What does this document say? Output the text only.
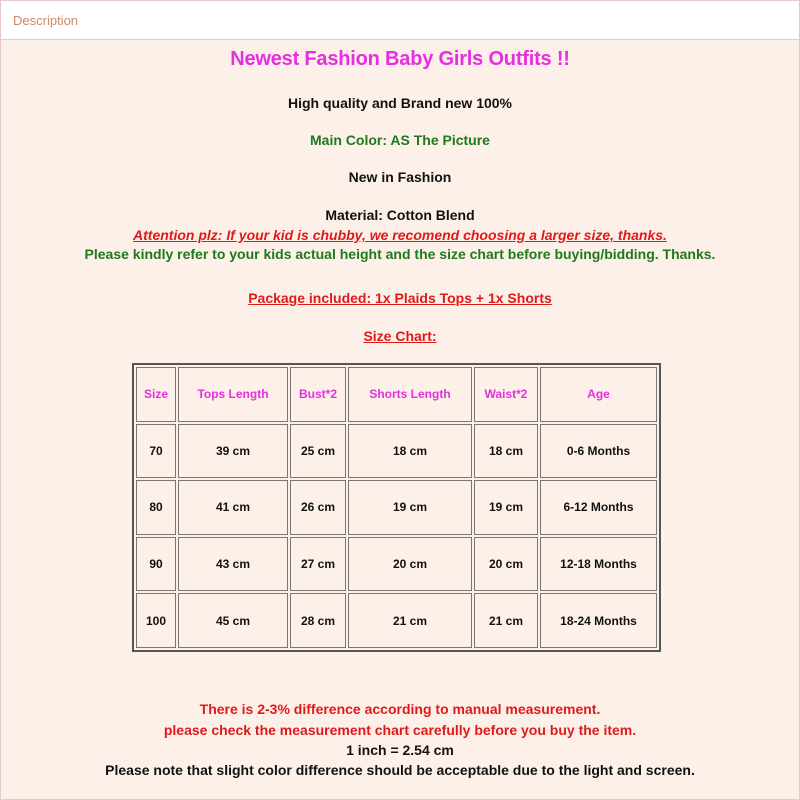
Description
Newest Fashion Baby Girls Outfits !!
High quality and Brand new 100%
Main Color: AS The Picture
New in Fashion
Material: Cotton Blend
Attention plz: If your kid is chubby, we recomend choosing a larger size, thanks.
Please kindly refer to your kids actual height and the size chart before buying/bidding. Thanks.
Package included: 1x Plaids Tops + 1x Shorts
Size Chart:
Size	Tops Length	Bust*2	Shorts Length	Waist*2	Age
70	39 cm	25 cm	18 cm	18 cm	0-6 Months
80	41 cm	26 cm	19 cm	19 cm	6-12 Months
90	43 cm	27 cm	20 cm	20 cm	12-18 Months
100	45 cm	28 cm	21 cm	21 cm	18-24 Months
There is 2-3% difference according to manual measurement.
please check the measurement chart carefully before you buy the item.
1 inch = 2.54 cm
Please note that slight color difference should be acceptable due to the light and screen.
